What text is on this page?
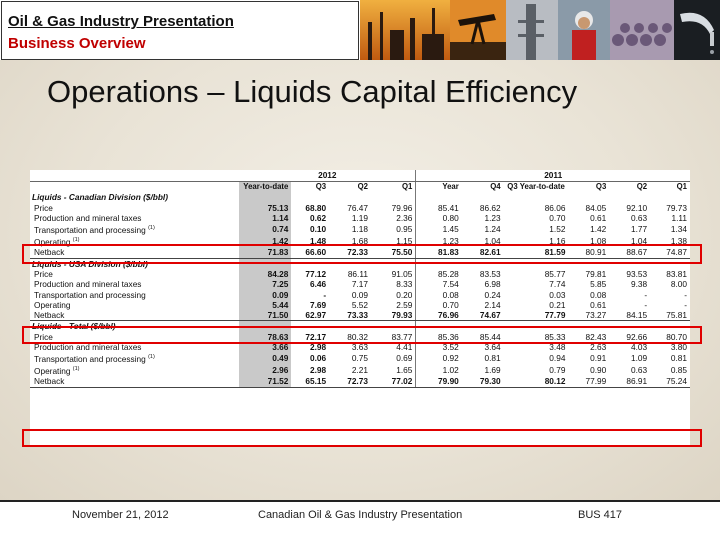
Oil & Gas Industry Presentation
Business Overview
Operations – Liquids Capital Efficiency
	2012				2011					
	Year-to-date	Q3	Q2	Q1	Year	Q4	Q3 Year-to-date	Q3	Q2	Q1
Liquids - Canadian Division ($/bbl)										
Price	75.13	68.80	76.47	79.96	85.41	86.62	86.06	84.05	92.10	79.73
Production and mineral taxes	1.14	0.62	1.19	2.36	0.80	1.23	0.70	0.61	0.63	1.11
Transportation and processing $^{(1)}$	0.74	0.10	1.18	0.95	1.45	1.24	1.52	1.42	1.77	1.34
Operating $^{(1)}$	1.42	1.48	1.68	1.15	1.23	1.04	1.16	1.08	1.04	1.38
Netback	71.83	66.60	72.33	75.50	81.83	82.61	81.59	80.91	88.67	74.87
Liquids - USA Division ($/bbl)										
Price	84.28	77.12	86.11	91.05	85.28	83.53	85.77	79.81	93.53	83.81
Production and mineral taxes	7.25	6.46	7.17	8.33	7.54	6.98	7.74	5.85	9.38	8.00
Transportation and processing	0.09	-	0.09	0.20	0.08	0.24	0.03	0.08	-	-
Operating	5.44	7.69	5.52	2.59	0.70	2.14	0.21	0.61	-	-
Netback	71.50	62.97	73.33	79.93	76.96	74.67	77.79	73.27	84.15	75.81
Liquids - Total ($/bbl)										
Price	78.63	72.17	80.32	83.77	85.36	85.44	85.33	82.43	92.66	80.70
Production and mineral taxes	3.66	2.98	3.63	4.41	3.52	3.64	3.48	2.63	4.03	3.80
Transportation and processing $^{(1)}$	0.49	0.06	0.75	0.69	0.92	0.81	0.94	0.91	1.09	0.81
Operating $^{(1)}$	2.96	2.98	2.21	1.65	1.02	1.69	0.79	0.90	0.63	0.85
Netback	71.52	65.15	72.73	77.02	79.90	79.30	80.12	77.99	86.91	75.24
November 21, 2012	Canadian Oil & Gas Industry Presentation	BUS 417
